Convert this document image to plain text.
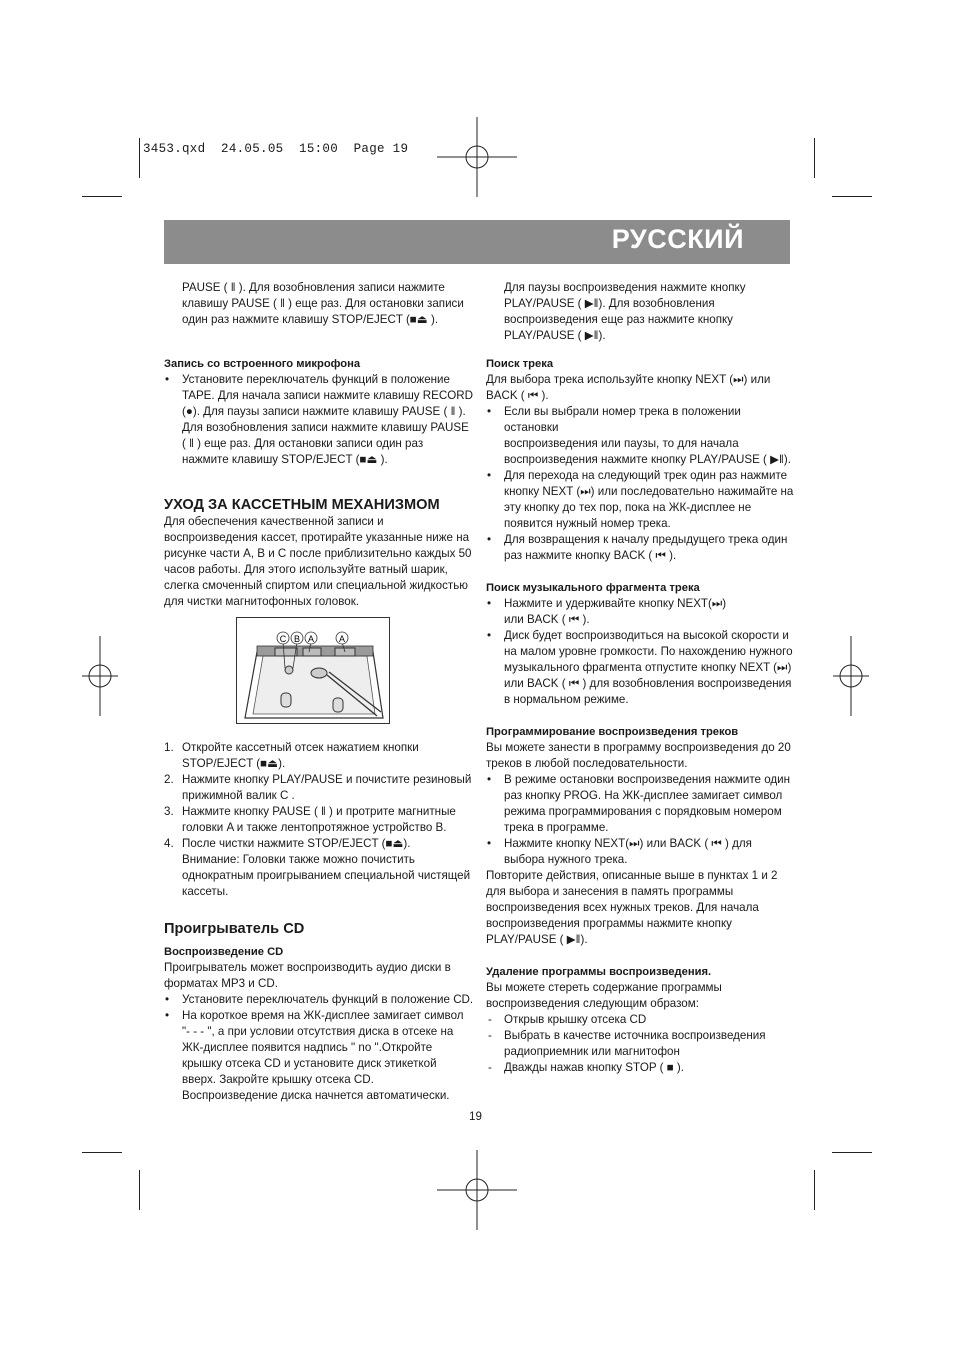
3453.qxd  24.05.05  15:00  Page 19
РУССКИЙ

PAUSE ( ‖ ). Для возобновления записи нажмите

клавишу PAUSE ( ‖ ) еще раз. Для остановки записи

один раз нажмите клавишу STOP/EJECT (■⏏ ).

Запись со встроенного микрофона

• Установите переключатель функций в положение

TAPE. Для начала записи нажмите клавишу RECORD

(●). Для паузы записи нажмите клавишу PAUSE ( ‖ ).

Для возобновления записи нажмите клавишу PAUSE

( ‖ ) еще раз. Для остановки записи один раз

нажмите клавишу STOP/EJECT (■⏏ ).

УХОД ЗА КАССЕТНЫМ МЕХАНИЗМОМ

Для обеспечения качественной записи и

воспроизведения кассет, протирайте указанные ниже на

рисунке части A, B и C после приблизительно каждых 50

часов работы. Для этого используйте ватный шарик,

слегка смоченный спиртом или специальной жидкостью

для чистки магнитофонных головок.

C B A	A
1. Откройте кассетный отсек нажатием кнопки

STOP/EJECT (■⏏).

2. Нажмите кнопку PLAY/PAUSE и почистите резиновый

прижимной валик C .

3. Нажмите кнопку PAUSE ( ‖ ) и протрите магнитные

головки A и также лентопротяжное устройство B.

4. После чистки нажмите STOP/EJECT (■⏏).

Внимание: Головки также можно почистить

однократным проигрыванием специальной чистящей

кассеты.

Проигрыватель CD

Воспроизведение CD

Проигрыватель может воспроизводить аудио диски в

форматах MP3 и CD.

• Установите переключатель функций в положение CD.

• На короткое время на ЖК-дисплее замигает символ

"- - - ", а при условии отсутствия диска в отсеке на

ЖК-дисплее появится надпись " no ".Откройте

крышку отсека CD и установите диск этикеткой

вверх. Закройте крышку отсека CD.

Воспроизведение диска начнется автоматически.

Для паузы воспроизведения нажмите кнопку

PLAY/PAUSE ( ▶‖). Для возобновления

воспроизведения еще раз нажмите кнопку

PLAY/PAUSE ( ▶‖).

Поиск трека

Для выбора трека используйте кнопку NEXT (⏭) или

BACK ( ⏮ ).

• Если вы выбрали номер трека в положении остановки

воспроизведения или паузы, то для начала

воспроизведения нажмите кнопку PLAY/PAUSE ( ▶‖).

• Для перехода на следующий трек один раз нажмите

кнопку NEXT (⏭) или последовательно нажимайте на

эту кнопку до тех пор, пока на ЖК-дисплее не

появится нужный номер трека.

• Для возвращения к началу предыдущего трека один

раз нажмите кнопку BACK ( ⏮ ).

Поиск музыкального фрагмента трека

• Нажмите и удерживайте кнопку NEXT(⏭)

или BACK ( ⏮ ).

• Диск будет воспроизводиться на высокой скорости и

на малом уровне громкости. По нахождению нужного

музыкального фрагмента отпустите кнопку NEXT (⏭)

или BACK ( ⏮ ) для возобновления воспроизведения

в нормальном режиме.

Программирование воспроизведения треков

Вы можете занести в программу воспроизведения до 20

треков в любой последовательности.

• В режиме остановки воспроизведения нажмите один

раз кнопку PROG. На ЖК-дисплее замигает символ

режима программирования с порядковым номером

трека в программе.

• Нажмите кнопку NEXT(⏭) или BACK ( ⏮ ) для

выбора нужного трека.

Повторите действия, описанные выше в пунктах 1 и 2

для выбора и занесения в память программы

воспроизведения всех нужных треков. Для начала

воспроизведения программы нажмите кнопку

PLAY/PAUSE ( ▶‖).

Удаление программы воспроизведения.

Вы можете стереть содержание программы

воспроизведения следующим образом:

- Открыв крышку отсека CD

- Выбрать в качестве источника воспроизведения

радиоприемник или магнитофон

- Дважды нажав кнопку STOP ( ■ ).

19
